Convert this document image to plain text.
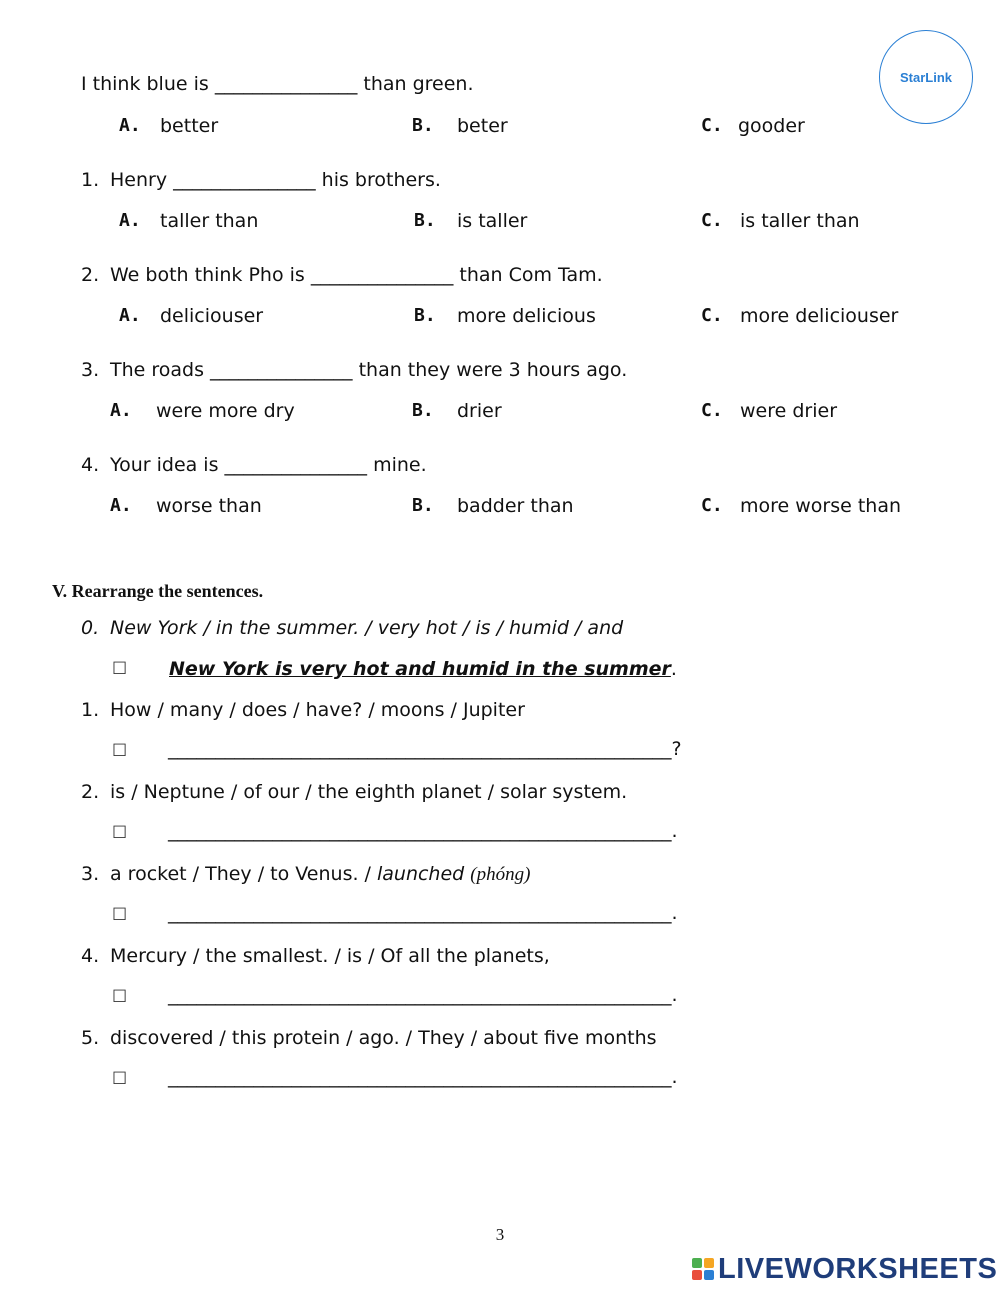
StarLink
I think blue is _______________ than green.
A. better	B. beter	C. gooder
1. Henry _______________ his brothers.
A. taller than	B. is taller	C. is taller than
2. We both think Pho is _______________ than Com Tam.
A. deliciouser	B. more delicious	C. more deliciouser
3. The roads _______________ than they were 3 hours ago.
A. were more dry	B. drier	C. were drier
4. Your idea is _______________ mine.
A. worse than	B. badder than	C. more worse than
V. Rearrange the sentences.
0. New York / in the summer. / very hot / is / humid / and
☐ New York is very hot and humid in the summer.
1. How / many / does / have? / moons / Jupiter
☐ _____________________________________________________?
2. is / Neptune / of our / the eighth planet / solar system.
☐ _____________________________________________________.
3. a rocket / They / to Venus. / launched (phóng)
☐ _____________________________________________________.
4. Mercury / the smallest. / is / Of all the planets,
☐ _____________________________________________________.
5. discovered / this protein / ago. / They / about five months
☐ _____________________________________________________.
3
LIVEWORKSHEETS
